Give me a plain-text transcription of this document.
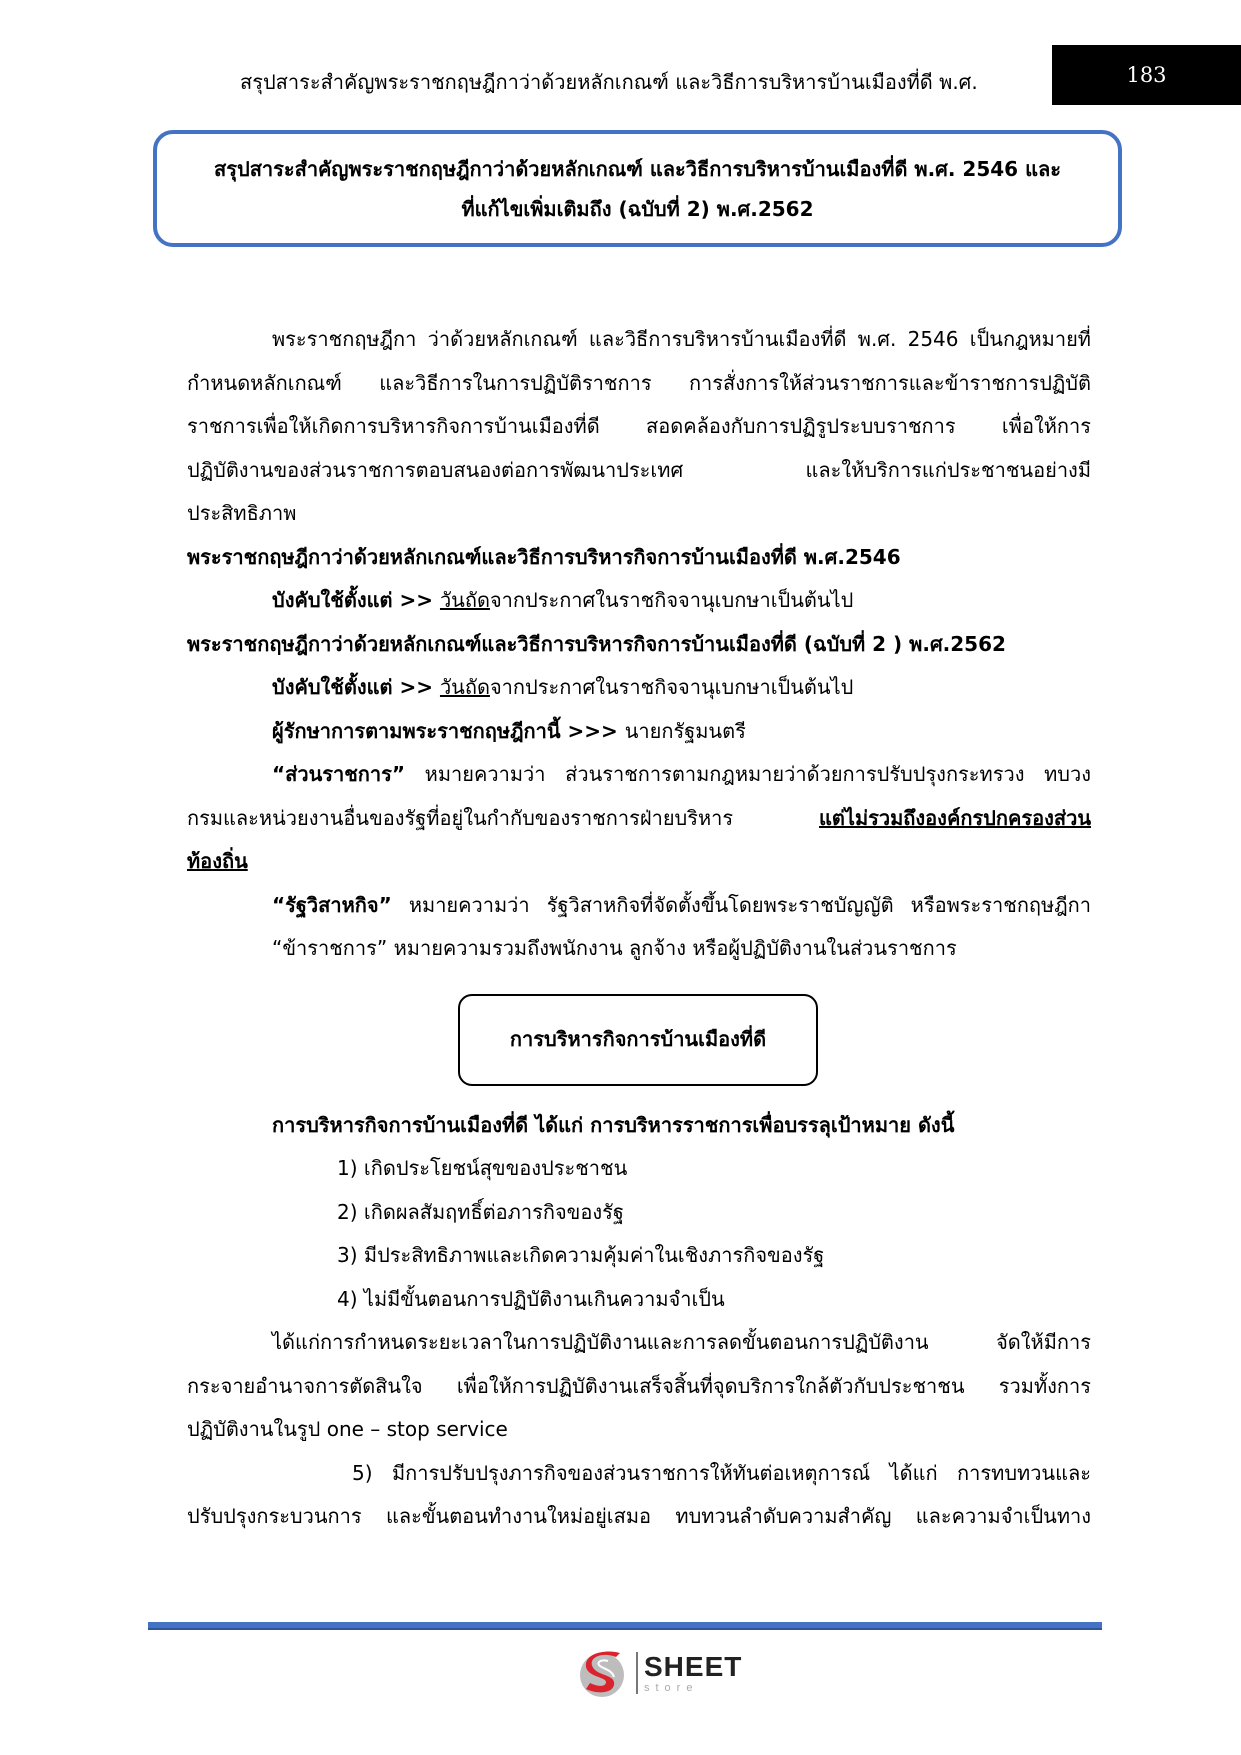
สรุปสาระสำคัญพระราชกฤษฎีกาว่าด้วยหลักเกณฑ์ และวิธีการบริหารบ้านเมืองที่ดี พ.ศ.	183
สรุปสาระสำคัญพระราชกฤษฎีกาว่าด้วยหลักเกณฑ์ และวิธีการบริหารบ้านเมืองที่ดี พ.ศ. 2546 และ
ที่แก้ไขเพิ่มเติมถึง (ฉบับที่ 2) พ.ศ.2562

พระราชกฤษฎีกา ว่าด้วยหลักเกณฑ์ และวิธีการบริหารบ้านเมืองที่ดี พ.ศ. 2546 เป็นกฎหมายที่

กำหนดหลักเกณฑ์ และวิธีการในการปฏิบัติราชการ การสั่งการให้ส่วนราชการและข้าราชการปฏิบัติ

ราชการเพื่อให้เกิดการบริหารกิจการบ้านเมืองที่ดี สอดคล้องกับการปฏิรูประบบราชการ เพื่อให้การ

ปฏิบัติงานของส่วนราชการตอบสนองต่อการพัฒนาประเทศ และให้บริการแก่ประชาชนอย่างมี

ประสิทธิภาพ

พระราชกฤษฎีกาว่าด้วยหลักเกณฑ์และวิธีการบริหารกิจการบ้านเมืองที่ดี พ.ศ.2546

บังคับใช้ตั้งแต่ >> วันถัดจากประกาศในราชกิจจานุเบกษาเป็นต้นไป

พระราชกฤษฎีกาว่าด้วยหลักเกณฑ์และวิธีการบริหารกิจการบ้านเมืองที่ดี (ฉบับที่ 2 ) พ.ศ.2562

บังคับใช้ตั้งแต่ >> วันถัดจากประกาศในราชกิจจานุเบกษาเป็นต้นไป

ผู้รักษาการตามพระราชกฤษฎีกานี้ >>> นายกรัฐมนตรี

“ส่วนราชการ” หมายความว่า ส่วนราชการตามกฎหมายว่าด้วยการปรับปรุงกระทรวง ทบวง

กรมและหน่วยงานอื่นของรัฐที่อยู่ในกำกับของราชการฝ่ายบริหาร แต่ไม่รวมถึงองค์กรปกครองส่วน

ท้องถิ่น

“รัฐวิสาหกิจ” หมายความว่า รัฐวิสาหกิจที่จัดตั้งขึ้นโดยพระราชบัญญัติ หรือพระราชกฤษฎีกา

“ข้าราชการ” หมายความรวมถึงพนักงาน ลูกจ้าง หรือผู้ปฏิบัติงานในส่วนราชการ

การบริหารกิจการบ้านเมืองที่ดี

การบริหารกิจการบ้านเมืองที่ดี ได้แก่ การบริหารราชการเพื่อบรรลุเป้าหมาย ดังนี้

1) เกิดประโยชน์สุขของประชาชน

2) เกิดผลสัมฤทธิ์ต่อภารกิจของรัฐ

3) มีประสิทธิภาพและเกิดความคุ้มค่าในเชิงภารกิจของรัฐ

4) ไม่มีขั้นตอนการปฏิบัติงานเกินความจำเป็น

ได้แก่การกำหนดระยะเวลาในการปฏิบัติงานและการลดขั้นตอนการปฏิบัติงาน จัดให้มีการ

กระจายอำนาจการตัดสินใจ เพื่อให้การปฏิบัติงานเสร็จสิ้นที่จุดบริการใกล้ตัวกับประชาชน รวมทั้งการ

ปฏิบัติงานในรูป one – stop service

5) มีการปรับปรุงภารกิจของส่วนราชการให้ทันต่อเหตุการณ์ ได้แก่ การทบทวนและ

ปรับปรุงกระบวนการ และขั้นตอนทำงานใหม่อยู่เสมอ ทบทวนลำดับความสำคัญ และความจำเป็นทาง

SHEET
store
